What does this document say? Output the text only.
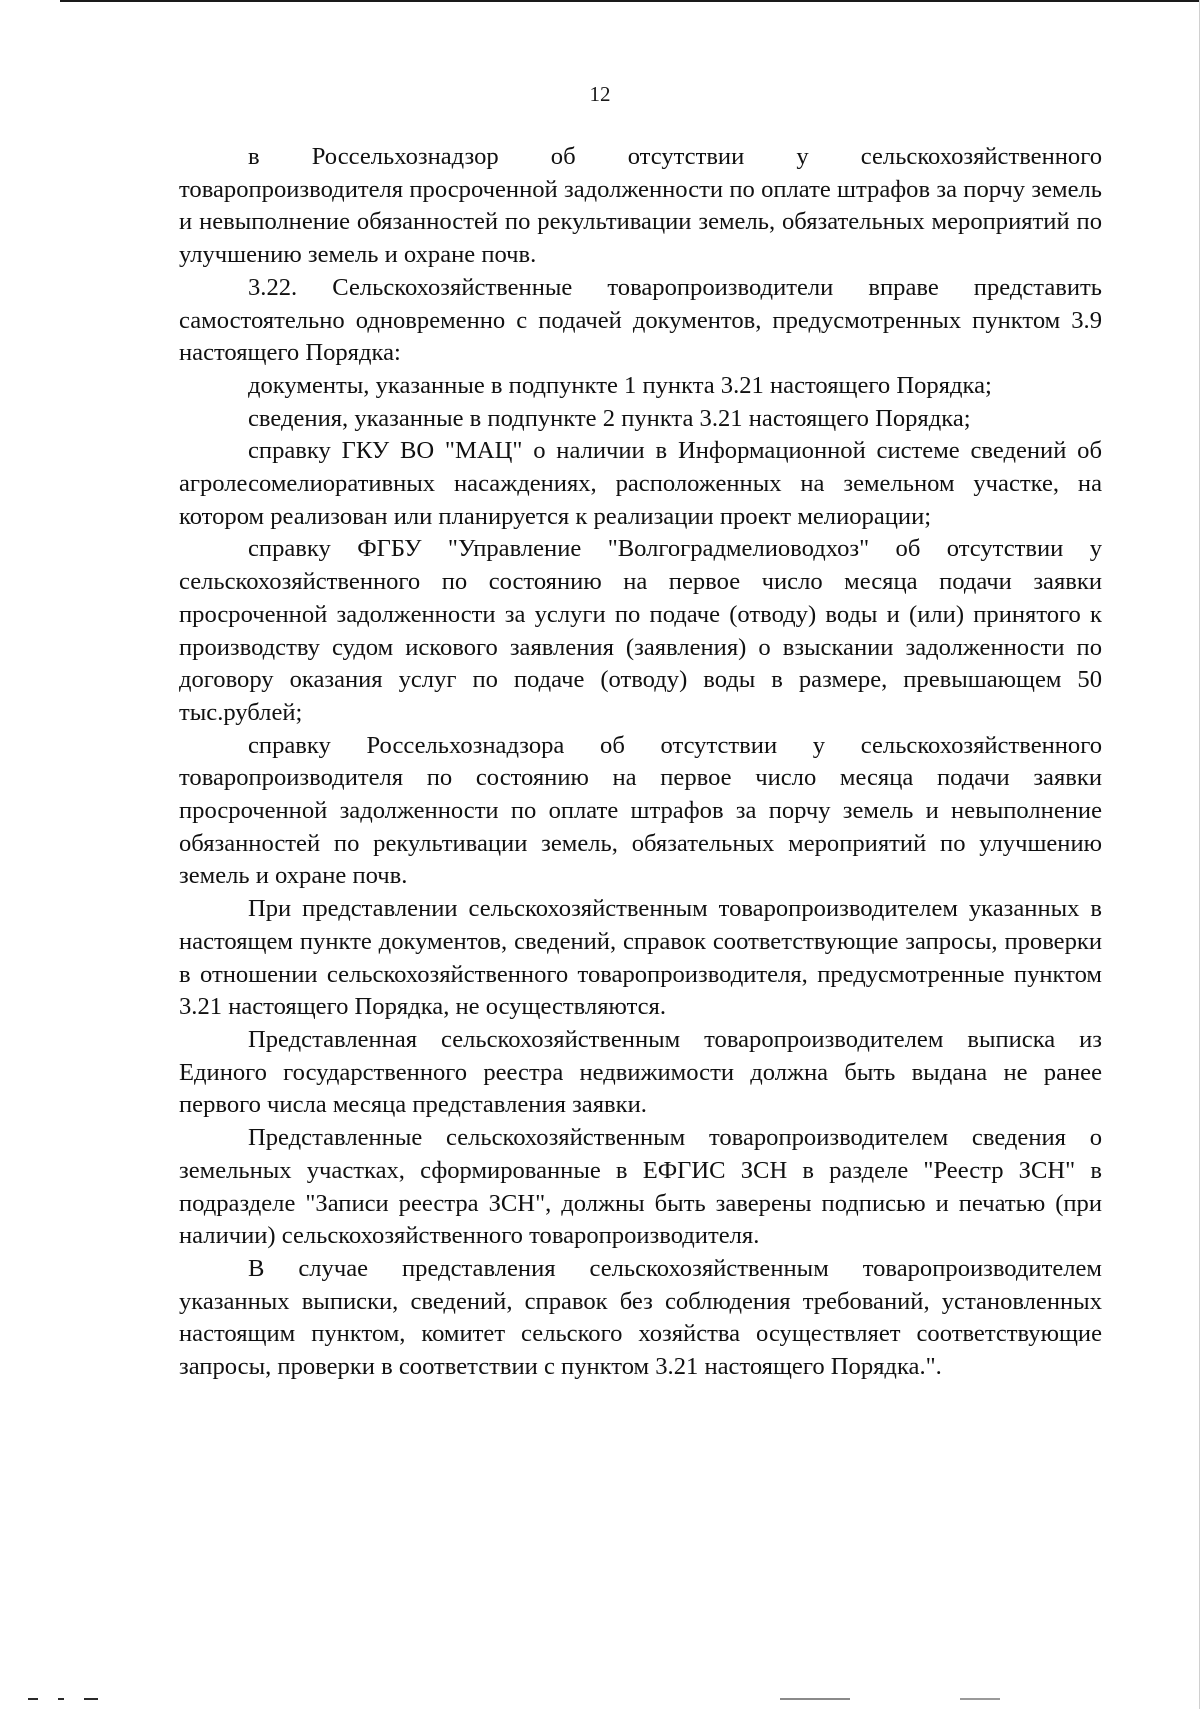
12

в Россельхознадзор об отсутствии у сельскохозяйственного товаропроизводителя просроченной задолженности по оплате штрафов за порчу земель и невыполнение обязанностей по рекультивации земель, обязательных мероприятий по улучшению земель и охране почв.

3.22. Сельскохозяйственные товаропроизводители вправе представить самостоятельно одновременно с подачей документов, предусмотренных пунктом 3.9 настоящего Порядка:

документы, указанные в подпункте 1 пункта 3.21 настоящего Порядка;

сведения, указанные в подпункте 2 пункта 3.21 настоящего Порядка;

справку ГКУ ВО "МАЦ" о наличии в Информационной системе сведений об агролесомелиоративных насаждениях, расположенных на земельном участке, на котором реализован или планируется к реализации проект мелиорации;

справку ФГБУ "Управление "Волгоградмелиоводхоз" об отсутствии у сельскохозяйственного по состоянию на первое число месяца подачи заявки просроченной задолженности за услуги по подаче (отводу) воды и (или) принятого к производству судом искового заявления (заявления) о взыскании задолженности по договору оказания услуг по подаче (отводу) воды в размере, превышающем 50 тыс.рублей;

справку Россельхознадзора об отсутствии у сельскохозяйственного товаропроизводителя по состоянию на первое число месяца подачи заявки просроченной задолженности по оплате штрафов за порчу земель и невыполнение обязанностей по рекультивации земель, обязательных мероприятий по улучшению земель и охране почв.

При представлении сельскохозяйственным товаропроизводителем указанных в настоящем пункте документов, сведений, справок соответствующие запросы, проверки в отношении сельскохозяйственного товаропроизводителя, предусмотренные пунктом 3.21 настоящего Порядка, не осуществляются.

Представленная сельскохозяйственным товаропроизводителем выписка из Единого государственного реестра недвижимости должна быть выдана не ранее первого числа месяца представления заявки.

Представленные сельскохозяйственным товаропроизводителем сведения о земельных участках, сформированные в ЕФГИС ЗСН в разделе "Реестр ЗСН" в подразделе "Записи реестра ЗСН", должны быть заверены подписью и печатью (при наличии) сельскохозяйственного товаропроизводителя.

В случае представления сельскохозяйственным товаропроизводителем указанных выписки, сведений, справок без соблюдения требований, установленных настоящим пунктом, комитет сельского хозяйства осуществляет соответствующие запросы, проверки в соответствии с пунктом 3.21 настоящего Порядка.".
